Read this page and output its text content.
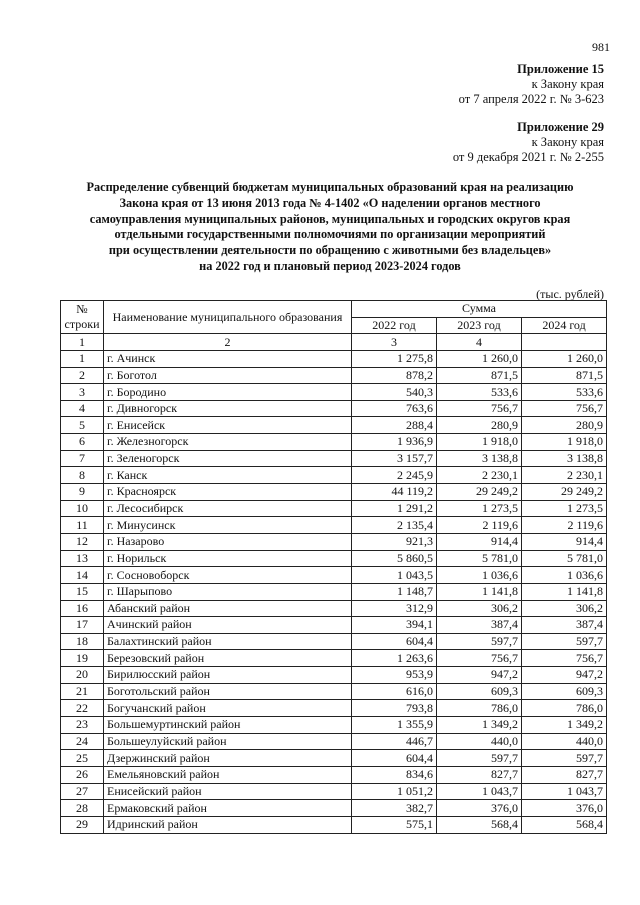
981
Приложение 15
к Закону края
от 7 апреля 2022 г. № 3-623
Приложение 29
к Закону края
от 9 декабря 2021 г. № 2-255
Распределение субвенций бюджетам муниципальных образований края на реализацию
Закона края от 13 июня 2013 года № 4-1402 «О наделении органов местного
самоуправления муниципальных районов, муниципальных и городских округов края
отдельными государственными полномочиями по организации мероприятий
при осуществлении деятельности по обращению с животными без владельцев»
на 2022 год и плановый период 2023-2024 годов
(тыс. рублей)
№ строки	Наименование муниципального образования	Сумма		
		2022 год	2023 год	2024 год
1	2	3	4	
1	г. Ачинск	1 275,8	1 260,0	1 260,0
2	г. Боготол	878,2	871,5	871,5
3	г. Бородино	540,3	533,6	533,6
4	г. Дивногорск	763,6	756,7	756,7
5	г. Енисейск	288,4	280,9	280,9
6	г. Железногорск	1 936,9	1 918,0	1 918,0
7	г. Зеленогорск	3 157,7	3 138,8	3 138,8
8	г. Канск	2 245,9	2 230,1	2 230,1
9	г. Красноярск	44 119,2	29 249,2	29 249,2
10	г. Лесосибирск	1 291,2	1 273,5	1 273,5
11	г. Минусинск	2 135,4	2 119,6	2 119,6
12	г. Назарово	921,3	914,4	914,4
13	г. Норильск	5 860,5	5 781,0	5 781,0
14	г. Сосновоборск	1 043,5	1 036,6	1 036,6
15	г. Шарыпово	1 148,7	1 141,8	1 141,8
16	Абанский район	312,9	306,2	306,2
17	Ачинский район	394,1	387,4	387,4
18	Балахтинский район	604,4	597,7	597,7
19	Березовский район	1 263,6	756,7	756,7
20	Бирилюсский район	953,9	947,2	947,2
21	Боготольский район	616,0	609,3	609,3
22	Богучанский район	793,8	786,0	786,0
23	Большемуртинский район	1 355,9	1 349,2	1 349,2
24	Большеулуйский район	446,7	440,0	440,0
25	Дзержинский район	604,4	597,7	597,7
26	Емельяновский район	834,6	827,7	827,7
27	Енисейский район	1 051,2	1 043,7	1 043,7
28	Ермаковский район	382,7	376,0	376,0
29	Идринский район	575,1	568,4	568,4
